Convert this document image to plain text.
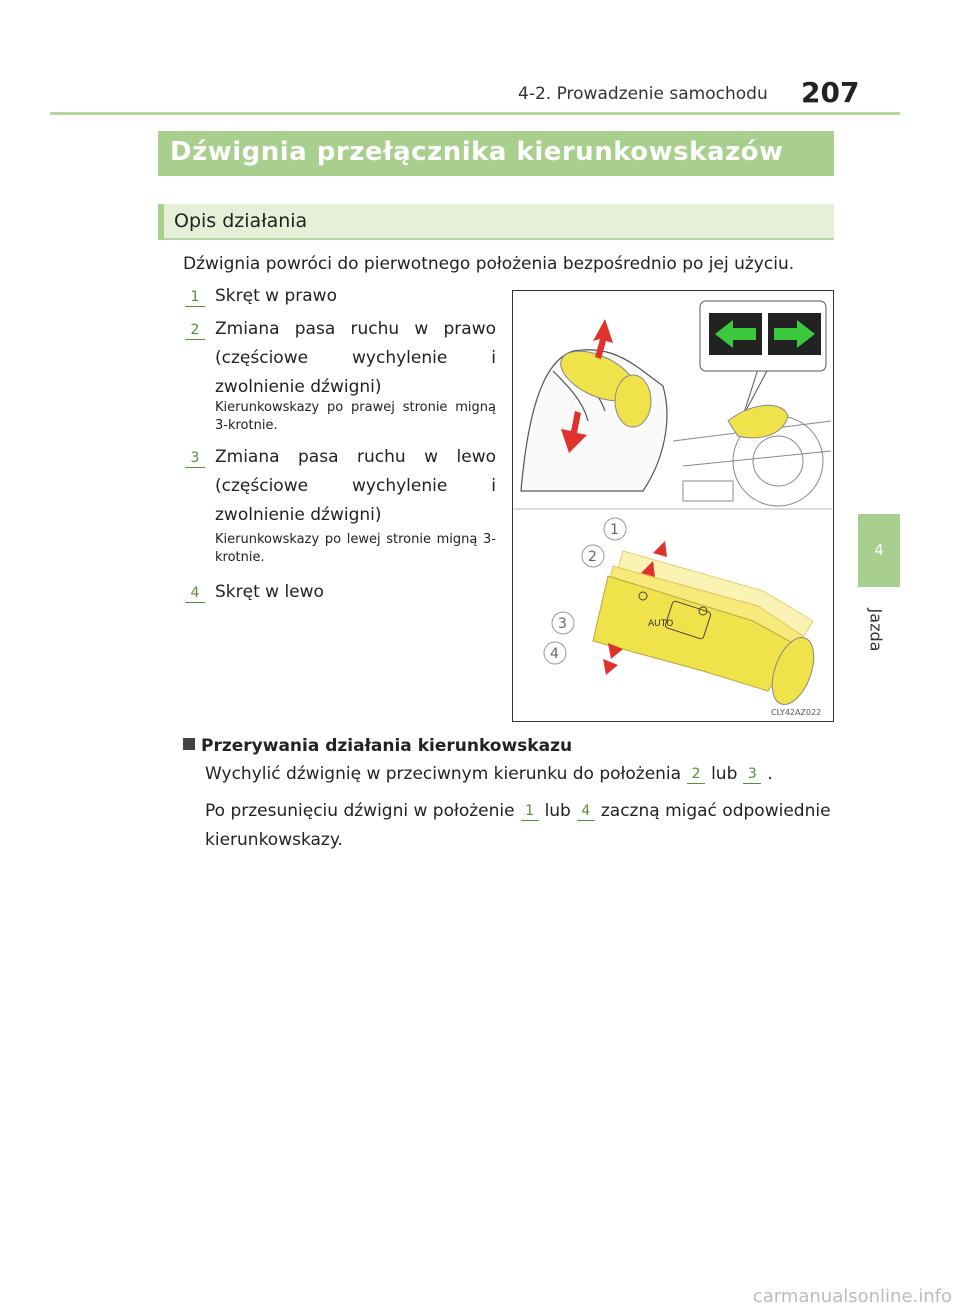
4-2. Prowadzenie samochodu 207
4
Jazda
Dźwignia przełącznika kierunkowskazów
Opis działania
Dźwignia powróci do pierwotnego położenia bezpośrednio po jej użyciu.
1 Skręt w prawo
2 Zmiana pasa ruchu w prawo (częściowe wychylenie i zwolnienie dźwigni)
Kierunkowskazy po prawej stronie migną 3-krotnie.
3 Zmiana pasa ruchu w lewo (częściowe wychylenie i zwolnienie dźwigni)
Kierunkowskazy po lewej stronie migną 3-krotnie.
4 Skręt w lewo
AUTO
1
2
3
4
CLY42AZ022
Przerywania działania kierunkowskazu
Wychylić dźwignię w przeciwnym kierunku do położenia 2 lub 3 .
Po przesunięciu dźwigni w położenie 1 lub 4 zaczną migać odpowiednie kierunkowskazy.
carmanualsonline.info
